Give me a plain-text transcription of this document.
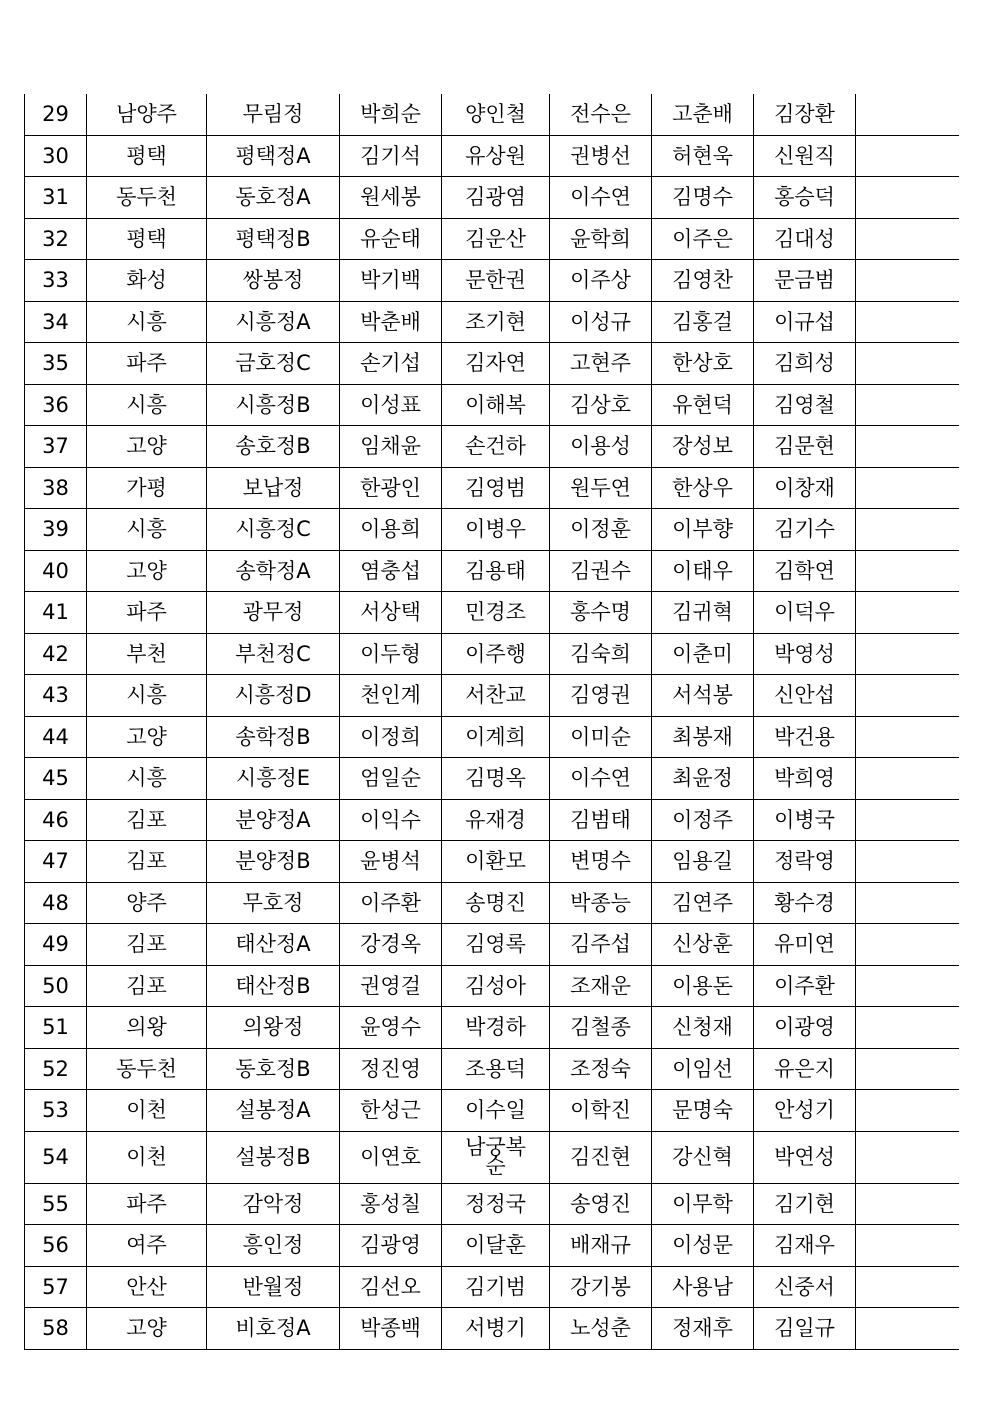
29	남양주	무림정	박희순	양인철	전수은	고춘배	김장환	
30	평택	평택정A	김기석	유상원	권병선	허현욱	신원직	
31	동두천	동호정A	원세봉	김광염	이수연	김명수	홍승덕	
32	평택	평택정B	유순태	김운산	윤학희	이주은	김대성	
33	화성	쌍봉정	박기백	문한권	이주상	김영찬	문금범	
34	시흥	시흥정A	박춘배	조기현	이성규	김홍걸	이규섭	
35	파주	금호정C	손기섭	김자연	고현주	한상호	김희성	
36	시흥	시흥정B	이성표	이해복	김상호	유현덕	김영철	
37	고양	송호정B	임채윤	손건하	이용성	장성보	김문현	
38	가평	보납정	한광인	김영범	원두연	한상우	이창재	
39	시흥	시흥정C	이용희	이병우	이정훈	이부향	김기수	
40	고양	송학정A	염충섭	김용태	김권수	이태우	김학연	
41	파주	광무정	서상택	민경조	홍수명	김귀혁	이덕우	
42	부천	부천정C	이두형	이주행	김숙희	이춘미	박영성	
43	시흥	시흥정D	천인계	서찬교	김영권	서석봉	신안섭	
44	고양	송학정B	이정희	이계희	이미순	최봉재	박건용	
45	시흥	시흥정E	엄일순	김명옥	이수연	최윤정	박희영	
46	김포	분양정A	이익수	유재경	김범태	이정주	이병국	
47	김포	분양정B	윤병석	이환모	변명수	임용길	정락영	
48	양주	무호정	이주환	송명진	박종능	김연주	황수경	
49	김포	태산정A	강경옥	김영록	김주섭	신상훈	유미연	
50	김포	태산정B	권영걸	김성아	조재운	이용돈	이주환	
51	의왕	의왕정	윤영수	박경하	김철종	신청재	이광영	
52	동두천	동호정B	정진영	조용덕	조정숙	이임선	유은지	
53	이천	설봉정A	한성근	이수일	이학진	문명숙	안성기	
54	이천	설봉정B	이연호	남궁복순	김진현	강신혁	박연성	
55	파주	감악정	홍성칠	정정국	송영진	이무학	김기현	
56	여주	흥인정	김광영	이달훈	배재규	이성문	김재우	
57	안산	반월정	김선오	김기범	강기봉	사용남	신중서	
58	고양	비호정A	박종백	서병기	노성춘	정재후	김일규	
